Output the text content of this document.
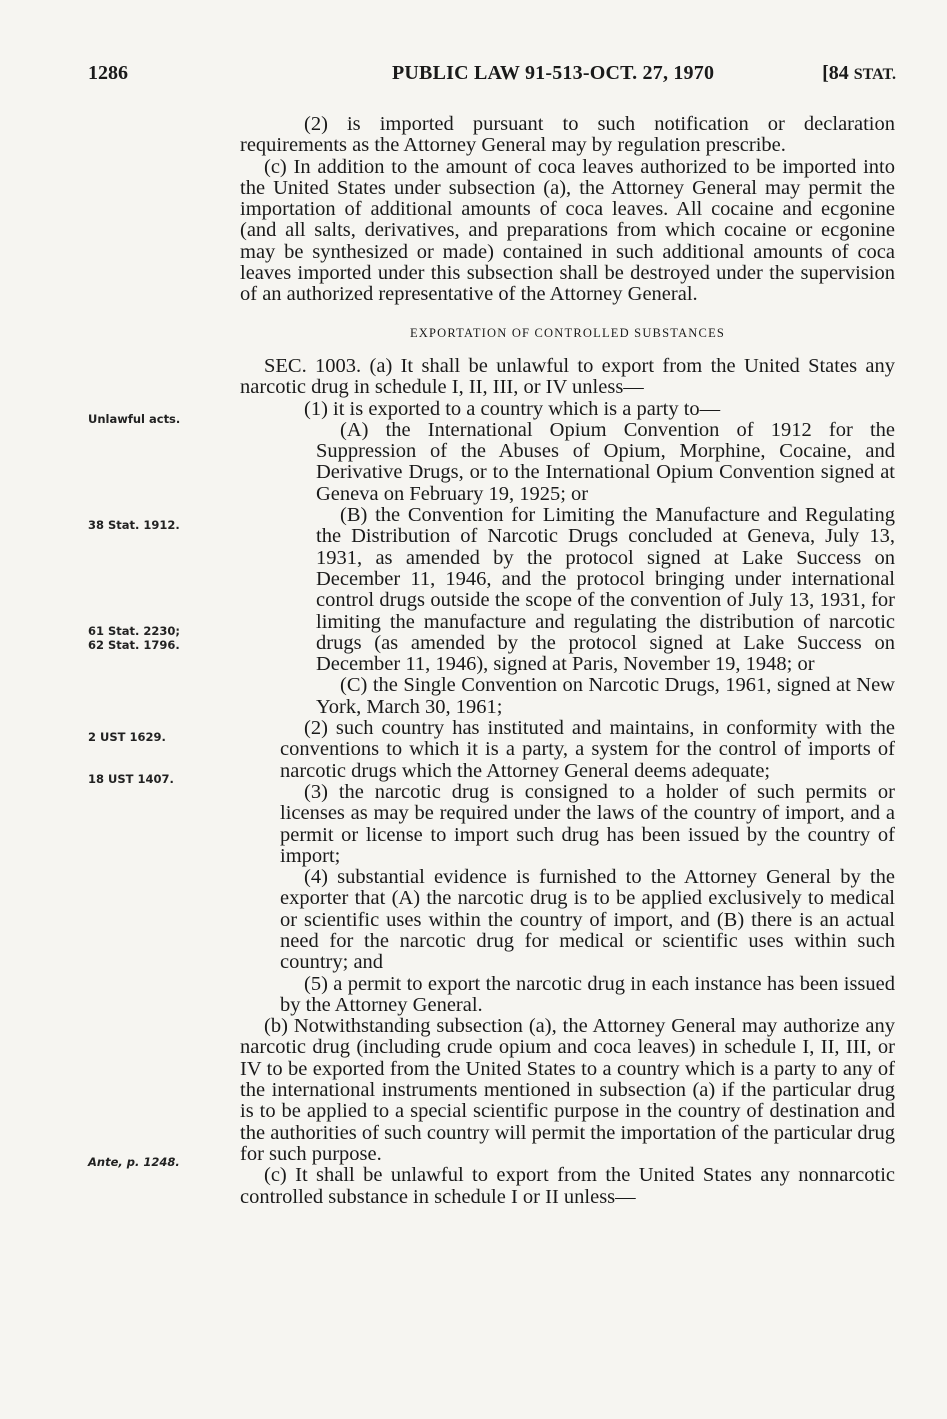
1286	PUBLIC LAW 91-513-OCT. 27, 1970	[84 STAT.
Unlawful acts.
38 Stat. 1912.
61 Stat. 2230;
62 Stat. 1796.
2 UST 1629.
18 UST 1407.
Ante, p. 1248.

(2) is imported pursuant to such notification or declaration requirements as the Attorney General may by regulation prescribe.

(c) In addition to the amount of coca leaves authorized to be imported into the United States under subsection (a), the Attorney General may permit the importation of additional amounts of coca leaves. All cocaine and ecgonine (and all salts, derivatives, and preparations from which cocaine or ecgonine may be synthesized or made) contained in such additional amounts of coca leaves imported under this subsection shall be destroyed under the supervision of an authorized representative of the Attorney General.

EXPORTATION OF CONTROLLED SUBSTANCES

SEC. 1003. (a) It shall be unlawful to export from the United States any narcotic drug in schedule I, II, III, or IV unless—

(1) it is exported to a country which is a party to—

(A) the International Opium Convention of 1912 for the Suppression of the Abuses of Opium, Morphine, Cocaine, and Derivative Drugs, or to the International Opium Convention signed at Geneva on February 19, 1925; or

(B) the Convention for Limiting the Manufacture and Regulating the Distribution of Narcotic Drugs concluded at Geneva, July 13, 1931, as amended by the protocol signed at Lake Success on December 11, 1946, and the protocol bringing under international control drugs outside the scope of the convention of July 13, 1931, for limiting the manufacture and regulating the distribution of narcotic drugs (as amended by the protocol signed at Lake Success on December 11, 1946), signed at Paris, November 19, 1948; or

(C) the Single Convention on Narcotic Drugs, 1961, signed at New York, March 30, 1961;

(2) such country has instituted and maintains, in conformity with the conventions to which it is a party, a system for the control of imports of narcotic drugs which the Attorney General deems adequate;

(3) the narcotic drug is consigned to a holder of such permits or licenses as may be required under the laws of the country of import, and a permit or license to import such drug has been issued by the country of import;

(4) substantial evidence is furnished to the Attorney General by the exporter that (A) the narcotic drug is to be applied exclusively to medical or scientific uses within the country of import, and (B) there is an actual need for the narcotic drug for medical or scientific uses within such country; and

(5) a permit to export the narcotic drug in each instance has been issued by the Attorney General.

(b) Notwithstanding subsection (a), the Attorney General may authorize any narcotic drug (including crude opium and coca leaves) in schedule I, II, III, or IV to be exported from the United States to a country which is a party to any of the international instruments mentioned in subsection (a) if the particular drug is to be applied to a special scientific purpose in the country of destination and the authorities of such country will permit the importation of the particular drug for such purpose.

(c) It shall be unlawful to export from the United States any nonnarcotic controlled substance in schedule I or II unless—
